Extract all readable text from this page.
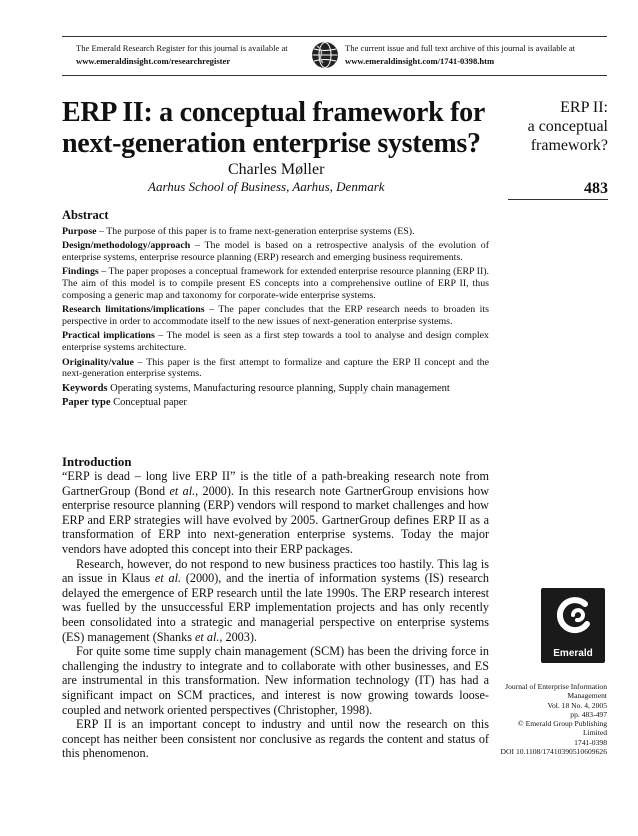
The Emerald Research Register for this journal is available at
www.emeraldinsight.com/researchregister
The current issue and full text archive of this journal is available at
www.emeraldinsight.com/1741-0398.htm
ERP II: a conceptual framework for next-generation enterprise systems?
Charles Møller
Aarhus School of Business, Aarhus, Denmark
ERP II:
a conceptual
framework?
483
Abstract

Purpose – The purpose of this paper is to frame next-generation enterprise systems (ES).

Design/methodology/approach – The model is based on a retrospective analysis of the evolution of enterprise systems, enterprise resource planning (ERP) research and emerging business requirements.

Findings – The paper proposes a conceptual framework for extended enterprise resource planning (ERP II). The aim of this model is to compile present ES concepts into a comprehensive outline of ERP II, thus composing a generic map and taxonomy for corporate-wide enterprise systems.

Research limitations/implications – The paper concludes that the ERP research needs to broaden its perspective in order to accommodate itself to the new issues of next-generation enterprise systems.

Practical implications – The model is seen as a first step towards a tool to analyse and design complex enterprise systems architecture.

Originality/value – This paper is the first attempt to formalize and capture the ERP II concept and the next-generation enterprise systems.

Keywords Operating systems, Manufacturing resource planning, Supply chain management

Paper type Conceptual paper

Introduction

“ERP is dead – long live ERP II” is the title of a path-breaking research note from GartnerGroup (Bond et al., 2000). In this research note GartnerGroup envisions how enterprise resource planning (ERP) vendors will respond to market challenges and how ERP and ERP strategies will have evolved by 2005. GartnerGroup defines ERP II as a transformation of ERP into next-generation enterprise systems. Today the major vendors have adopted this concept into their ERP packages.

Research, however, do not respond to new business practices too hastily. This lag is an issue in Klaus et al. (2000), and the inertia of information systems (IS) research delayed the emergence of ERP research until the late 1990s. The ERP research interest was fuelled by the unsuccessful ERP implementation projects and has only recently been consolidated into a strategic and managerial perspective on enterprise systems (ES) management (Shanks et al., 2003).

For quite some time supply chain management (SCM) has been the driving force in challenging the industry to integrate and to collaborate with other businesses, and ES are instrumental in this transformation. New information technology (IT) has had a significant impact on SCM practices, and interest is now growing towards loose-coupled and network oriented perspectives (Christopher, 1998).

ERP II is an important concept to industry and until now the research on this concept has neither been consistent nor conclusive as regards the content and status of this phenomenon.

Emerald
Journal of Enterprise Information
Management
Vol. 18 No. 4, 2005
pp. 483-497
© Emerald Group Publishing Limited
1741-0398
DOI 10.1108/17410390510609626
